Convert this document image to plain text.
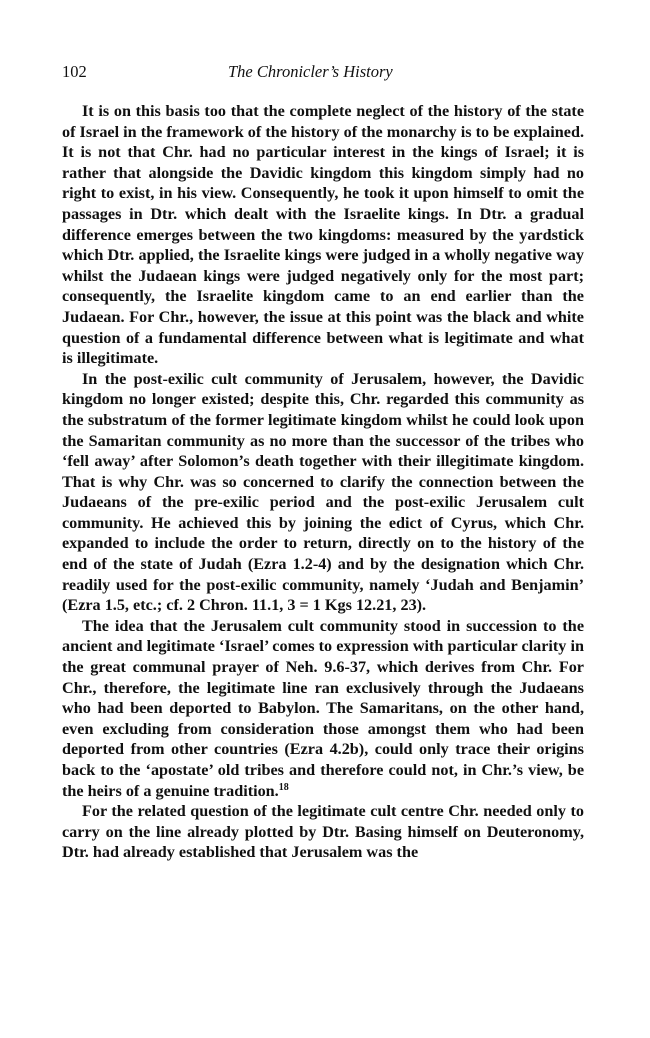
102	The Chronicler’s History

It is on this basis too that the complete neglect of the history of the state of Israel in the framework of the history of the monarchy is to be explained. It is not that Chr. had no particular interest in the kings of Israel; it is rather that alongside the Davidic kingdom this kingdom simply had no right to exist, in his view. Consequently, he took it upon himself to omit the passages in Dtr. which dealt with the Israelite kings. In Dtr. a gradual difference emerges between the two kingdoms: measured by the yardstick which Dtr. applied, the Israelite kings were judged in a wholly negative way whilst the Judaean kings were judged negatively only for the most part; consequently, the Israelite kingdom came to an end earlier than the Judaean. For Chr., however, the issue at this point was the black and white question of a fundamental difference between what is legitimate and what is illegitimate.

In the post-exilic cult community of Jerusalem, however, the Davidic kingdom no longer existed; despite this, Chr. regarded this community as the substratum of the former legitimate kingdom whilst he could look upon the Samaritan community as no more than the successor of the tribes who ‘fell away’ after Solomon’s death together with their illegitimate kingdom. That is why Chr. was so concerned to clarify the connection between the Judaeans of the pre-exilic period and the post-exilic Jerusalem cult community. He achieved this by joining the edict of Cyrus, which Chr. expanded to include the order to return, directly on to the history of the end of the state of Judah (Ezra 1.2-4) and by the designation which Chr. readily used for the post-exilic community, namely ‘Judah and Benjamin’ (Ezra 1.5, etc.; cf. 2 Chron. 11.1, 3 = 1 Kgs 12.21, 23).

The idea that the Jerusalem cult community stood in succession to the ancient and legitimate ‘Israel’ comes to expression with particular clarity in the great communal prayer of Neh. 9.6-37, which derives from Chr. For Chr., therefore, the legitimate line ran exclusively through the Judaeans who had been deported to Babylon. The Samaritans, on the other hand, even excluding from consideration those amongst them who had been deported from other countries (Ezra 4.2b), could only trace their origins back to the ‘apostate’ old tribes and therefore could not, in Chr.’s view, be the heirs of a genuine tradition.$^{18}$

For the related question of the legitimate cult centre Chr. needed only to carry on the line already plotted by Dtr. Basing himself on Deuteronomy, Dtr. had already established that Jerusalem was the
